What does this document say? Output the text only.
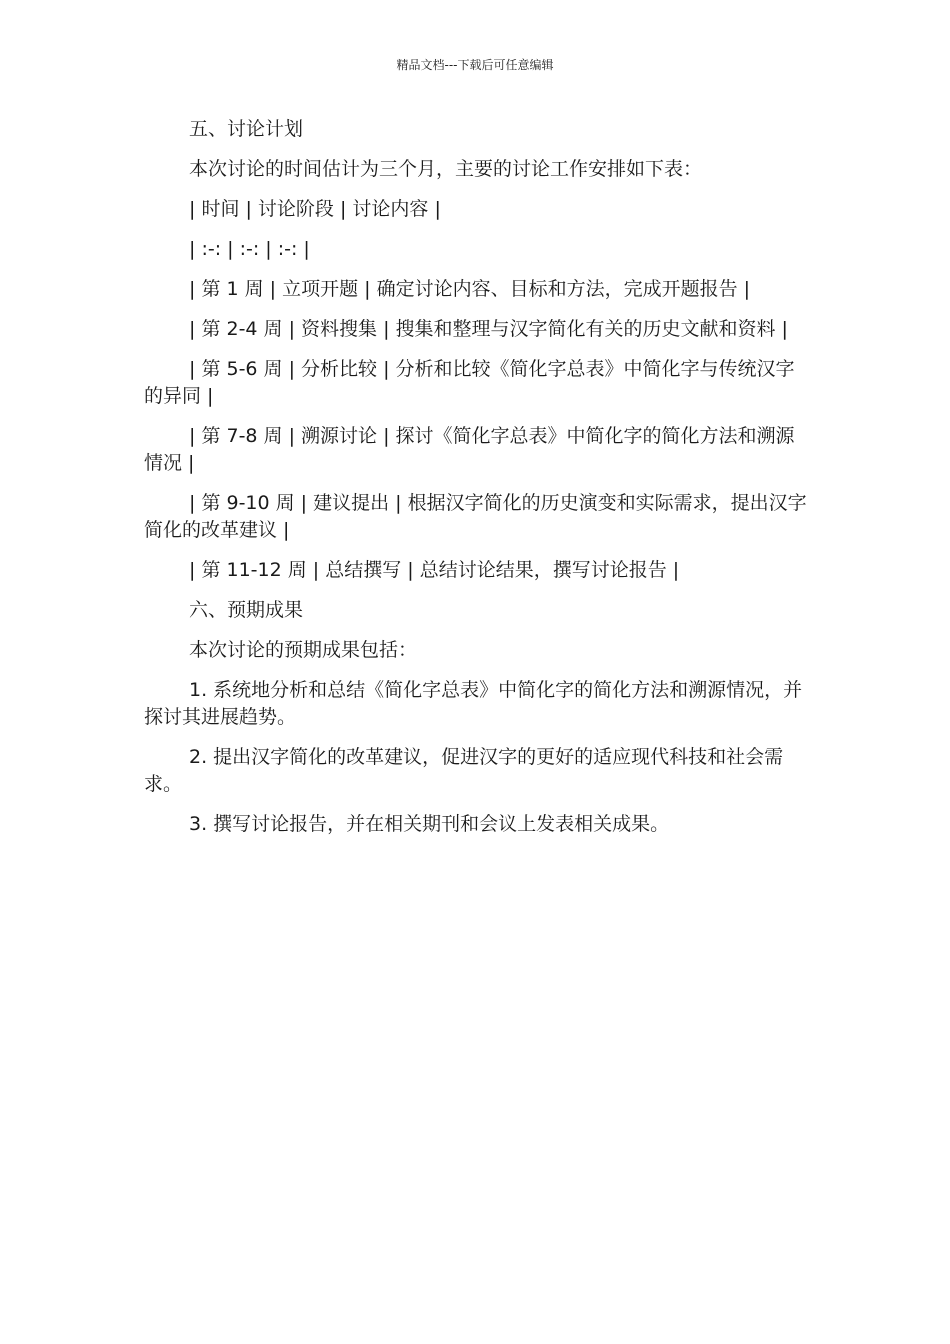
精品文档---下载后可任意编辑

五、讨论计划

本次讨论的时间估计为三个月，主要的讨论工作安排如下表：

| 时间 | 讨论阶段 | 讨论内容 |

| :-: | :-: | :-: |

| 第 1 周 | 立项开题 | 确定讨论内容、目标和方法，完成开题报告 |

| 第 2-4 周 | 资料搜集 | 搜集和整理与汉字简化有关的历史文献和资料 |

| 第 5-6 周 | 分析比较 | 分析和比较《简化字总表》中简化字与传统汉字的异同 |

| 第 7-8 周 | 溯源讨论 | 探讨《简化字总表》中简化字的简化方法和溯源情况 |

| 第 9-10 周 | 建议提出 | 根据汉字简化的历史演变和实际需求，提出汉字简化的改革建议 |

| 第 11-12 周 | 总结撰写 | 总结讨论结果，撰写讨论报告 |

六、预期成果

本次讨论的预期成果包括：

1. 系统地分析和总结《简化字总表》中简化字的简化方法和溯源情况，并探讨其进展趋势。

2. 提出汉字简化的改革建议，促进汉字的更好的适应现代科技和社会需求。

3. 撰写讨论报告，并在相关期刊和会议上发表相关成果。
